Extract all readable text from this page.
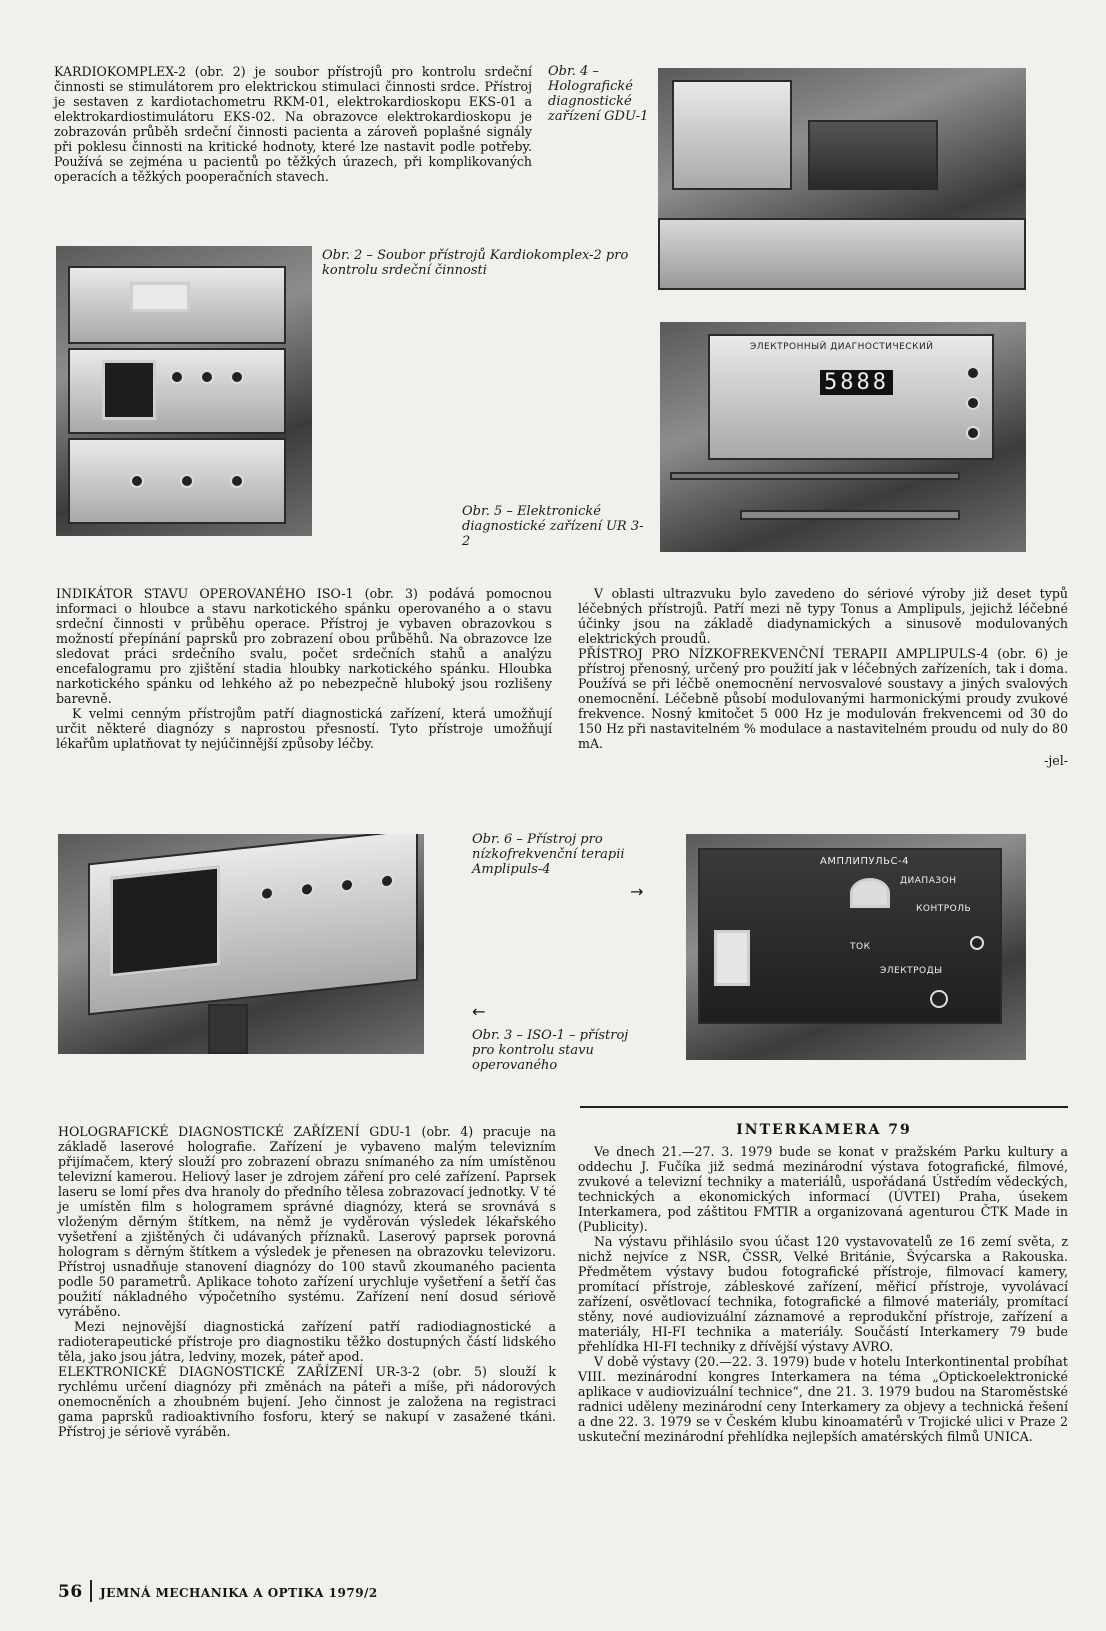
KARDIOKOMPLEX-2 (obr. 2) je soubor přístrojů pro kontrolu srdeční činnosti se stimulátorem pro elektrickou stimulaci činnosti srdce. Přístroj je sestaven z kardiotachometru RKM-01, elektrokardioskopu EKS-01 a elektrokardiostimulátoru EKS-02. Na obrazovce elektrokardioskopu je zobrazován průběh srdeční činnosti pacienta a zároveň poplašné signály při poklesu činnosti na kritické hodnoty, které lze nastavit podle potřeby. Používá se zejména u pacientů po těžkých úrazech, při komplikovaných operacích a těžkých pooperačních stavech.

Obr. 4 – Holografické diagnostické zařízení GDU-1
Obr. 2 – Soubor přístrojů Kardiokomplex-2 pro kontrolu srdeční činnosti
ЭЛЕКТРОННЫЙ ДИАГНОСТИЧЕСКИЙ
5888
Obr. 5 – Elektronické diagnostické zařízení UR 3-2

INDIKÁTOR STAVU OPEROVANÉHO ISO-1 (obr. 3) podává pomocnou informaci o hloubce a stavu narkotického spánku operovaného a o stavu srdeční činnosti v průběhu operace. Přístroj je vybaven obrazovkou s možností přepínání paprsků pro zobrazení obou průběhů. Na obrazovce lze sledovat práci srdečního svalu, počet srdečních stahů a analýzu encefalogramu pro zjištění stadia hloubky narkotického spánku. Hloubka narkotického spánku od lehkého až po nebezpečně hluboký jsou rozlišeny barevně.

K velmi cenným přístrojům patří diagnostická zařízení, která umožňují určit některé diagnózy s naprostou přesností. Tyto přístroje umožňují lékařům uplatňovat ty nejúčinnější způsoby léčby.

V oblasti ultrazvuku bylo zavedeno do sériové výroby již deset typů léčebných přístrojů. Patří mezi ně typy Tonus a Amplipuls, jejichž léčebné účinky jsou na základě diadynamických a sinusově modulovaných elektrických proudů.

PŘÍSTROJ PRO NÍZKOFREKVENČNÍ TERAPII AMPLIPULS-4 (obr. 6) je přístroj přenosný, určený pro použití jak v léčebných zařízeních, tak i doma. Používá se při léčbě onemocnění nervosvalové soustavy a jiných svalových onemocnění. Léčebně působí modulovanými harmonickými proudy zvukové frekvence. Nosný kmitočet 5 000 Hz je modulován frekvencemi od 30 do 150 Hz při nastavitelném % modulace a nastavitelném proudu od nuly do 80 mA.

-jel-

Obr. 6 – Přístroj pro nízkofrekvenční terapii Amplipuls-4
→
АМПЛИПУЛЬС-4
ДИАПАЗОН
КОНТРОЛЬ
ТОК
ЭЛЕКТРОДЫ
←
Obr. 3 – ISO-1 – přístroj pro kontrolu stavu operovaného

HOLOGRAFICKÉ DIAGNOSTICKÉ ZAŘÍZENÍ GDU-1 (obr. 4) pracuje na základě laserové holografie. Zařízení je vybaveno malým televizním přijímačem, který slouží pro zobrazení obrazu snímaného za ním umístěnou televizní kamerou. Heliový laser je zdrojem záření pro celé zařízení. Paprsek laseru se lomí přes dva hranoly do předního tělesa zobrazovací jednotky. V té je umístěn film s hologramem správné diagnózy, která se srovnává s vloženým děrným štítkem, na němž je vyděrován výsledek lékařského vyšetření a zjištěných či udávaných příznaků. Laserový paprsek porovná hologram s děrným štítkem a výsledek je přenesen na obrazovku televizoru. Přístroj usnadňuje stanovení diagnózy do 100 stavů zkoumaného pacienta podle 50 parametrů. Aplikace tohoto zařízení urychluje vyšetření a šetří čas použití nákladného výpočetního systému. Zařízení není dosud sériově vyráběno.

Mezi nejnovější diagnostická zařízení patří radiodiagnostické a radioterapeutické přístroje pro diagnostiku těžko dostupných částí lidského těla, jako jsou játra, ledviny, mozek, páteř apod.

ELEKTRONICKÉ DIAGNOSTICKÉ ZAŘÍZENÍ UR-3-2 (obr. 5) slouží k rychlému určení diagnózy při změnách na páteři a míše, při nádorových onemocněních a zhoubném bujení. Jeho činnost je založena na registraci gama paprsků radioaktivního fosforu, který se nakupí v zasažené tkáni. Přístroj je sériově vyráběn.

INTERKAMERA 79

Ve dnech 21.—27. 3. 1979 bude se konat v pražském Parku kultury a oddechu J. Fučíka již sedmá mezinárodní výstava fotografické, filmové, zvukové a televizní techniky a materiálů, uspořádaná Ústředím vědeckých, technických a ekonomických informací (ÚVTEI) Praha, úsekem Interkamera, pod záštitou FMTIR a organizovaná agenturou ČTK Made in (Publicity).

Na výstavu přihlásilo svou účast 120 vystavovatelů ze 16 zemí světa, z nichž nejvíce z NSR, ČSSR, Velké Británie, Švýcarska a Rakouska. Předmětem výstavy budou fotografické přístroje, filmovací kamery, promítací přístroje, zábleskové zařízení, měřicí přístroje, vyvolávací zařízení, osvětlovací technika, fotografické a filmové materiály, promítací stěny, nové audiovizuální záznamové a reprodukční přístroje, zařízení a materiály, HI-FI technika a materiály. Součástí Interkamery 79 bude přehlídka HI-FI techniky z dřívější výstavy AVRO.

V době výstavy (20.—22. 3. 1979) bude v hotelu Interkontinental probíhat VIII. mezinárodní kongres Interkamera na téma „Optickoelektronické aplikace v audiovizuální technice“, dne 21. 3. 1979 budou na Staroměstské radnici uděleny mezinárodní ceny Interkamery za objevy a technická řešení a dne 22. 3. 1979 se v Českém klubu kinoamatérů v Trojické ulici v Praze 2 uskuteční mezinárodní přehlídka nejlepších amatérských filmů UNICA.

56 JEMNÁ MECHANIKA A OPTIKA 1979/2
